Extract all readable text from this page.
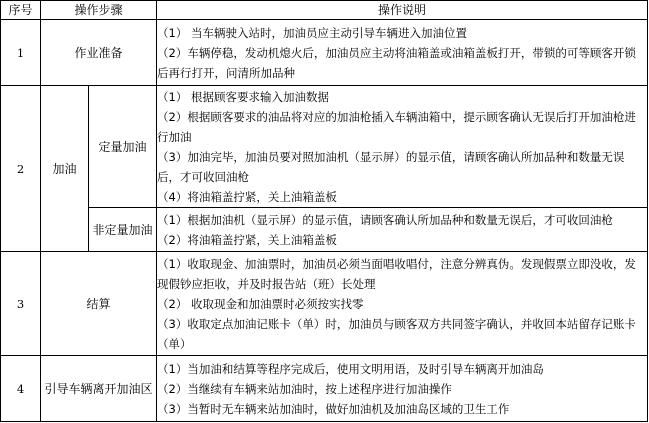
序号	操作步骤		操作说明
1	作业准备		（1） 当车辆驶入站时，加油员应主动引导车辆进入加油位置
（2）车辆停稳，发动机熄火后，加油员应主动将油箱盖或油箱盖板打开，带锁的可等顾客开锁后再行打开，问清所加品种

2	加油	定量加油	（1） 根据顾客要求输入加油数据
（2）根据顾客要求的油品将对应的加油枪插入车辆油箱中，提示顾客确认无误后打开加油枪进行加油
（3）加油完毕，加油员要对照加油机（显示屏）的显示值，请顾客确认所加品种和数量无误后，才可收回油枪
（4）将油箱盖拧紧，关上油箱盖板

		非定量加油	（1）根据加油机（显示屏）的显示值，请顾客确认所加品种和数量无误后，才可收回油枪
（2）将油箱盖拧紧，关上油箱盖板

3	结算		（1）收取现金、加油票时，加油员必须当面唱收唱付，注意分辨真伪。发现假票立即没收，发现假钞应拒收，并及时报告站（班）长处理
（2） 收取现金和加油票时必须按实找零
（3）收取定点加油记账卡（单）时，加油员与顾客双方共同签字确认，并收回本站留存记账卡（单）

4	引导车辆离开加油区		（1）当加油和结算等程序完成后，使用文明用语，及时引导车辆离开加油岛
（2）当继续有车辆来站加油时，按上述程序进行加油操作
（3）当暂时无车辆来站加油时，做好加油机及加油岛区域的卫生工作
